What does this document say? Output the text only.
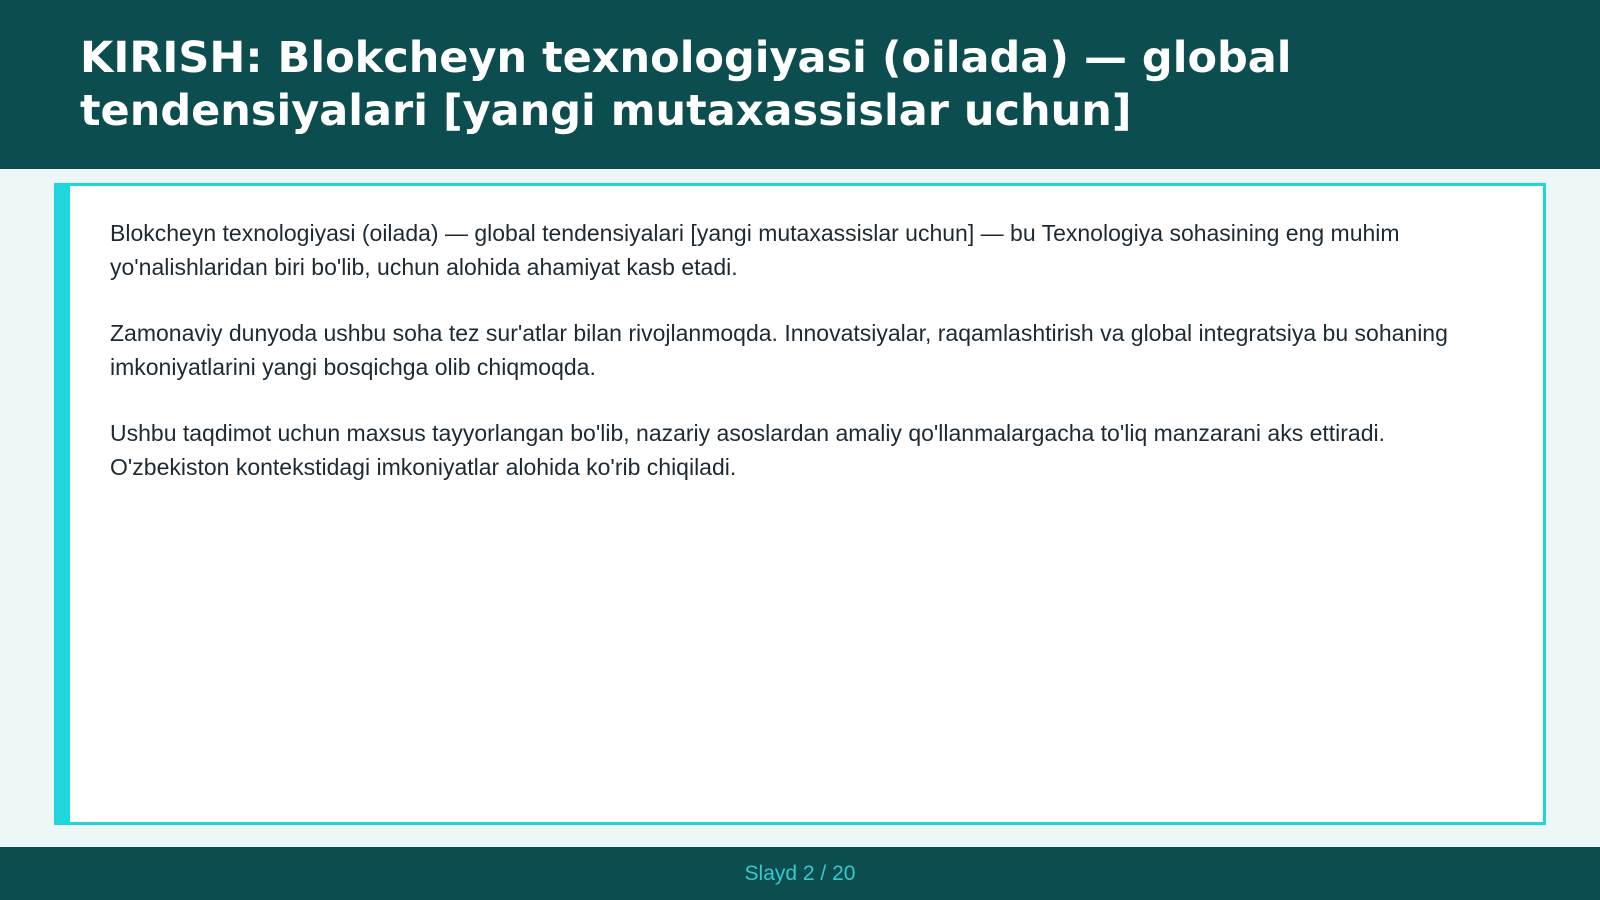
KIRISH: Blokcheyn texnologiyasi (oilada) — global tendensiyalari [yangi mutaxassislar uchun]

Blokcheyn texnologiyasi (oilada) — global tendensiyalari [yangi mutaxassislar uchun] — bu Texnologiya sohasining eng muhim yo'nalishlaridan biri bo'lib, uchun alohida ahamiyat kasb etadi.

Zamonaviy dunyoda ushbu soha tez sur'atlar bilan rivojlanmoqda. Innovatsiyalar, raqamlashtirish va global integratsiya bu sohaning imkoniyatlarini yangi bosqichga olib chiqmoqda.

Ushbu taqdimot uchun maxsus tayyorlangan bo'lib, nazariy asoslardan amaliy qo'llanmalargacha to'liq manzarani aks ettiradi. O'zbekiston kontekstidagi imkoniyatlar alohida ko'rib chiqiladi.

Slayd 2 / 20
